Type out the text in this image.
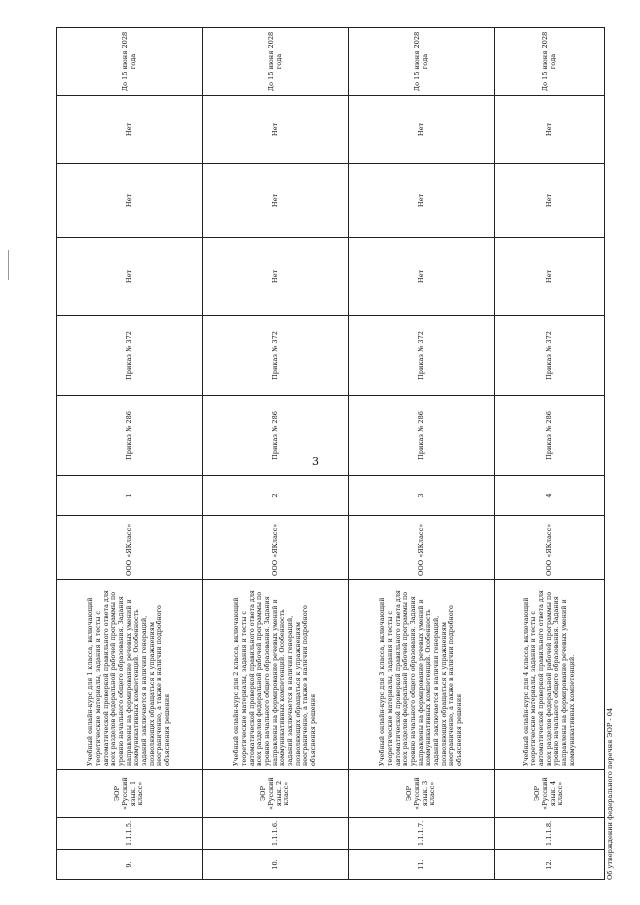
3
9.	1.1.1.5.	ЭОР «Русский язык. 1 класс»	Учебный онлайн-курс для 1 класса, включающий теоретические материалы, задания и тесты с автоматической проверкой правильного ответа для всех разделов федеральной рабочей программы по уровню начального общего образования. Задания направлены на формирование речевых умений и коммуникативных компетенций. Особенность заданий заключается в наличии генераций, позволяющих обращаться к упражнениям неограниченно, а также в наличии подробного объяснения решения	ООО «ЯКласс»	1	Приказ № 286	Приказ № 372	Нет	Нет	Нет	До 15 июня 2028 года
10.	1.1.1.6.	ЭОР «Русский язык. 2 класс»	Учебный онлайн-курс для 2 класса, включающий теоретические материалы, задания и тесты с автоматической проверкой правильного ответа для всех разделов федеральной рабочей программы по уровню начального общего образования. Задания направлены на формирование речевых умений и коммуникативных компетенций. Особенность заданий заключается в наличии генераций, позволяющих обращаться к упражнениям неограниченно, а также в наличии подробного объяснения решения	ООО «ЯКласс»	2	Приказ № 286	Приказ № 372	Нет	Нет	Нет	До 15 июня 2028 года
11.	1.1.1.7.	ЭОР «Русский язык. 3 класс»	Учебный онлайн-курс для 3 класса, включающий теоретические материалы, задания и тесты с автоматической проверкой правильного ответа для всех разделов федеральной рабочей программы по уровню начального общего образования. Задания направлены на формирование речевых умений и коммуникативных компетенций. Особенность заданий заключается в наличии генераций, позволяющих обращаться к упражнениям неограниченно, а также в наличии подробного объяснения решения	ООО «ЯКласс»	3	Приказ № 286	Приказ № 372	Нет	Нет	Нет	До 15 июня 2028 года
12.	1.1.1.8.	ЭОР «Русский язык. 4 класс»	Учебный онлайн-курс для 4 класса, включающий теоретические материалы, задания и тесты с автоматической проверкой правильного ответа для всех разделов федеральной рабочей программы по уровню начального общего образования. Задания направлены на формирование речевых умений и коммуникативных компетенций.	ООО «ЯКласс»	4	Приказ № 286	Приказ № 372	Нет	Нет	Нет	До 15 июня 2028 года
Об утверждении федерального перечня ЭОР - 04
